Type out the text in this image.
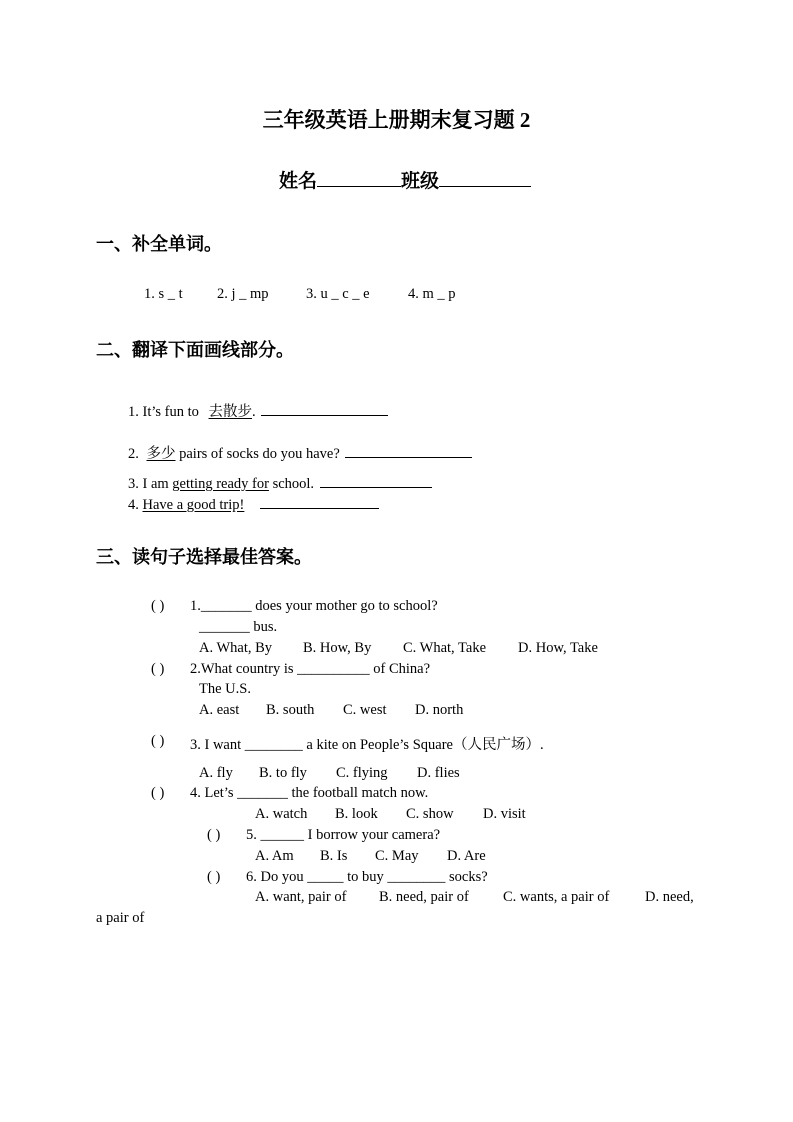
三年级英语上册期末复习题 2
姓名	班级
一、补全单词。
1. s _ t 2. j _ mp	3. u _ c _ e	4. m _ p
二、翻译下面画线部分。
1. It’s fun to 去散步.
2. 多少 pairs of socks do you have?
3. I am getting ready for school.
4. Have a good trip!
三、读句子选择最佳答案。
( ) 1._______ does your mother go to school?
_______ bus.
A. What, By B. How, By C. What, Take D. How, Take
( ) 2.What country is __________ of China?
The U.S.
A. east B. south C. west D. north
( ) 3. I want ________ a kite on People’s Square（人民广场）.
A. fly B. to fly C. flying D. flies
( ) 4. Let’s _______ the football match now.
A. watch B. look C. show D. visit
( ) 5. ______ I borrow your camera?
A. Am B. Is C. May D. Are
( ) 6. Do you _____ to buy ________ socks?
A. want, pair of B. need, pair of C. wants, a pair of D. need,
a pair of
